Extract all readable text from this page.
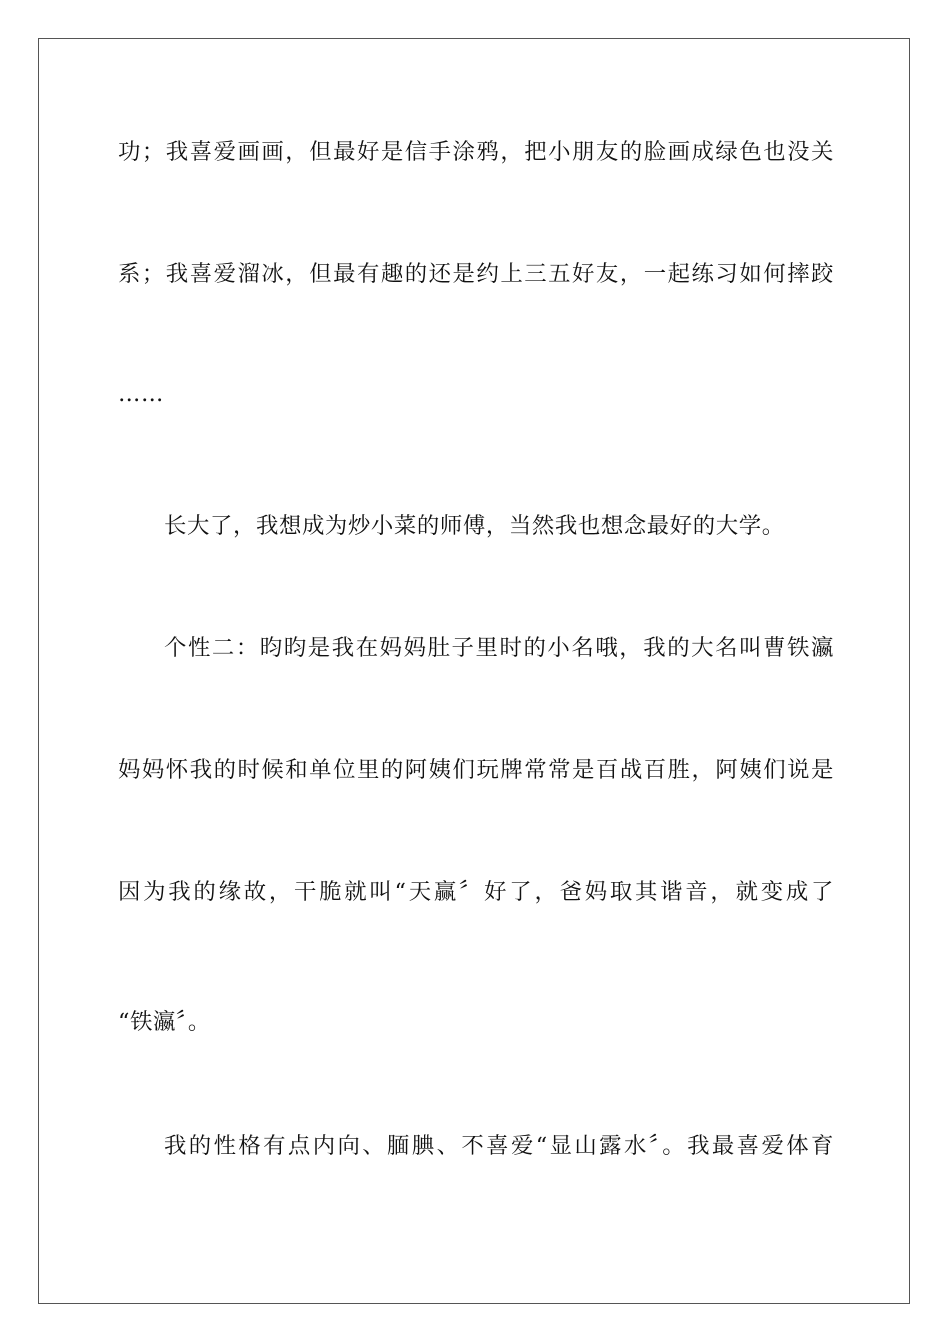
功；我喜爱画画，但最好是信手涂鸦，把小朋友的脸画成绿色也没关
系；我喜爱溜冰，但最有趣的还是约上三五好友，一起练习如何摔跤
……
长大了，我想成为炒小菜的师傅，当然我也想念最好的大学。
个性二：昀昀是我在妈妈肚子里时的小名哦，我的大名叫曹铁瀛
妈妈怀我的时候和单位里的阿姨们玩牌常常是百战百胜，阿姨们说是
因为我的缘故，干脆就叫“天赢〞好了，爸妈取其谐音，就变成了
“铁瀛〞。
我的性格有点内向、腼腆、不喜爱“显山露水〞。我最喜爱体育
